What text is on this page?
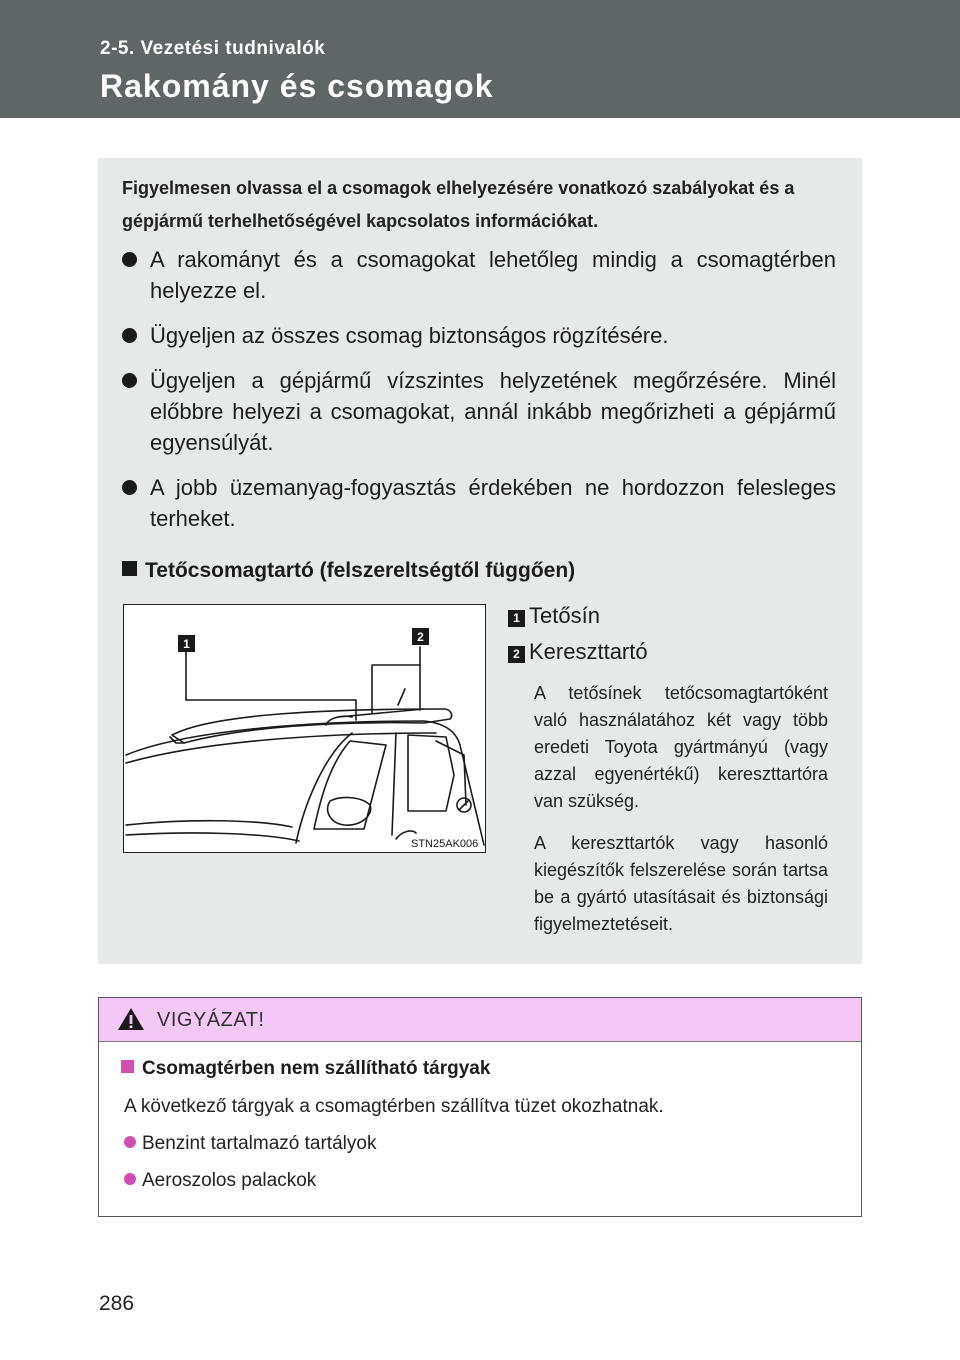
2-5. Vezetési tudnivalók
Rakomány és csomagok
Figyelmesen olvassa el a csomagok elhelyezésére vonatkozó szabályokat és a gépjármű terhelhetőségével kapcsolatos információkat.
A rakományt és a csomagokat lehetőleg mindig a csomagtérben helyezze el.
Ügyeljen az összes csomag biztonságos rögzítésére.
Ügyeljen a gépjármű vízszintes helyzetének megőrzésére. Minél előbbre helyezi a csomagokat, annál inkább megőrizheti a gépjármű egyensúlyát.
A jobb üzemanyag-fogyasztás érdekében ne hordozzon felesleges terheket.
Tetőcsomagtartó (felszereltségtől függően)
1	2
STN25AK006
1 Tetősín
2 Kereszttartó
A tetősínek tetőcsomagtartóként való használatához két vagy több eredeti Toyota gyártmányú (vagy azzal egyenértékű) kereszttartóra van szükség.
A kereszttartók vagy hasonló kiegészítők felszerelése során tartsa be a gyártó utasításait és biztonsági figyelmeztetéseit.
VIGYÁZAT!
Csomagtérben nem szállítható tárgyak
A következő tárgyak a csomagtérben szállítva tüzet okozhatnak.
Benzint tartalmazó tartályok
Aeroszolos palackok
286
